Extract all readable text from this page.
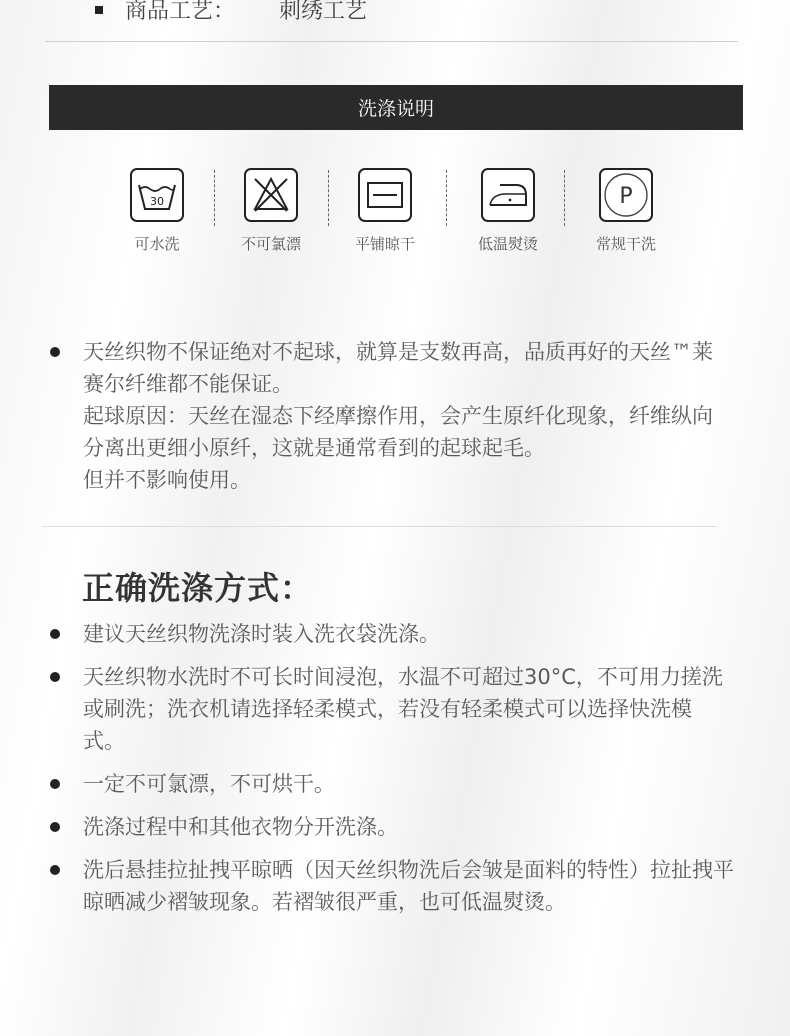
商品工艺： 刺绣工艺
洗涤说明
30
可水洗	不可氯漂	平铺晾干	低温熨烫
P
常规干洗
天丝织物不保证绝对不起球，就算是支数再高，品质再好的天丝™莱赛尔纤维都不能保证。
起球原因：天丝在湿态下经摩擦作用，会产生原纤化现象，纤维纵向分离出更细小原纤，这就是通常看到的起球起毛。
但并不影响使用。
正确洗涤方式：
建议天丝织物洗涤时装入洗衣袋洗涤。
天丝织物水洗时不可长时间浸泡，水温不可超过30°C，不可用力搓洗或刷洗；洗衣机请选择轻柔模式，若没有轻柔模式可以选择快洗模式。
一定不可氯漂，不可烘干。
洗涤过程中和其他衣物分开洗涤。
洗后悬挂拉扯拽平晾晒（因天丝织物洗后会皱是面料的特性）拉扯拽平晾晒减少褶皱现象。若褶皱很严重，也可低温熨烫。
